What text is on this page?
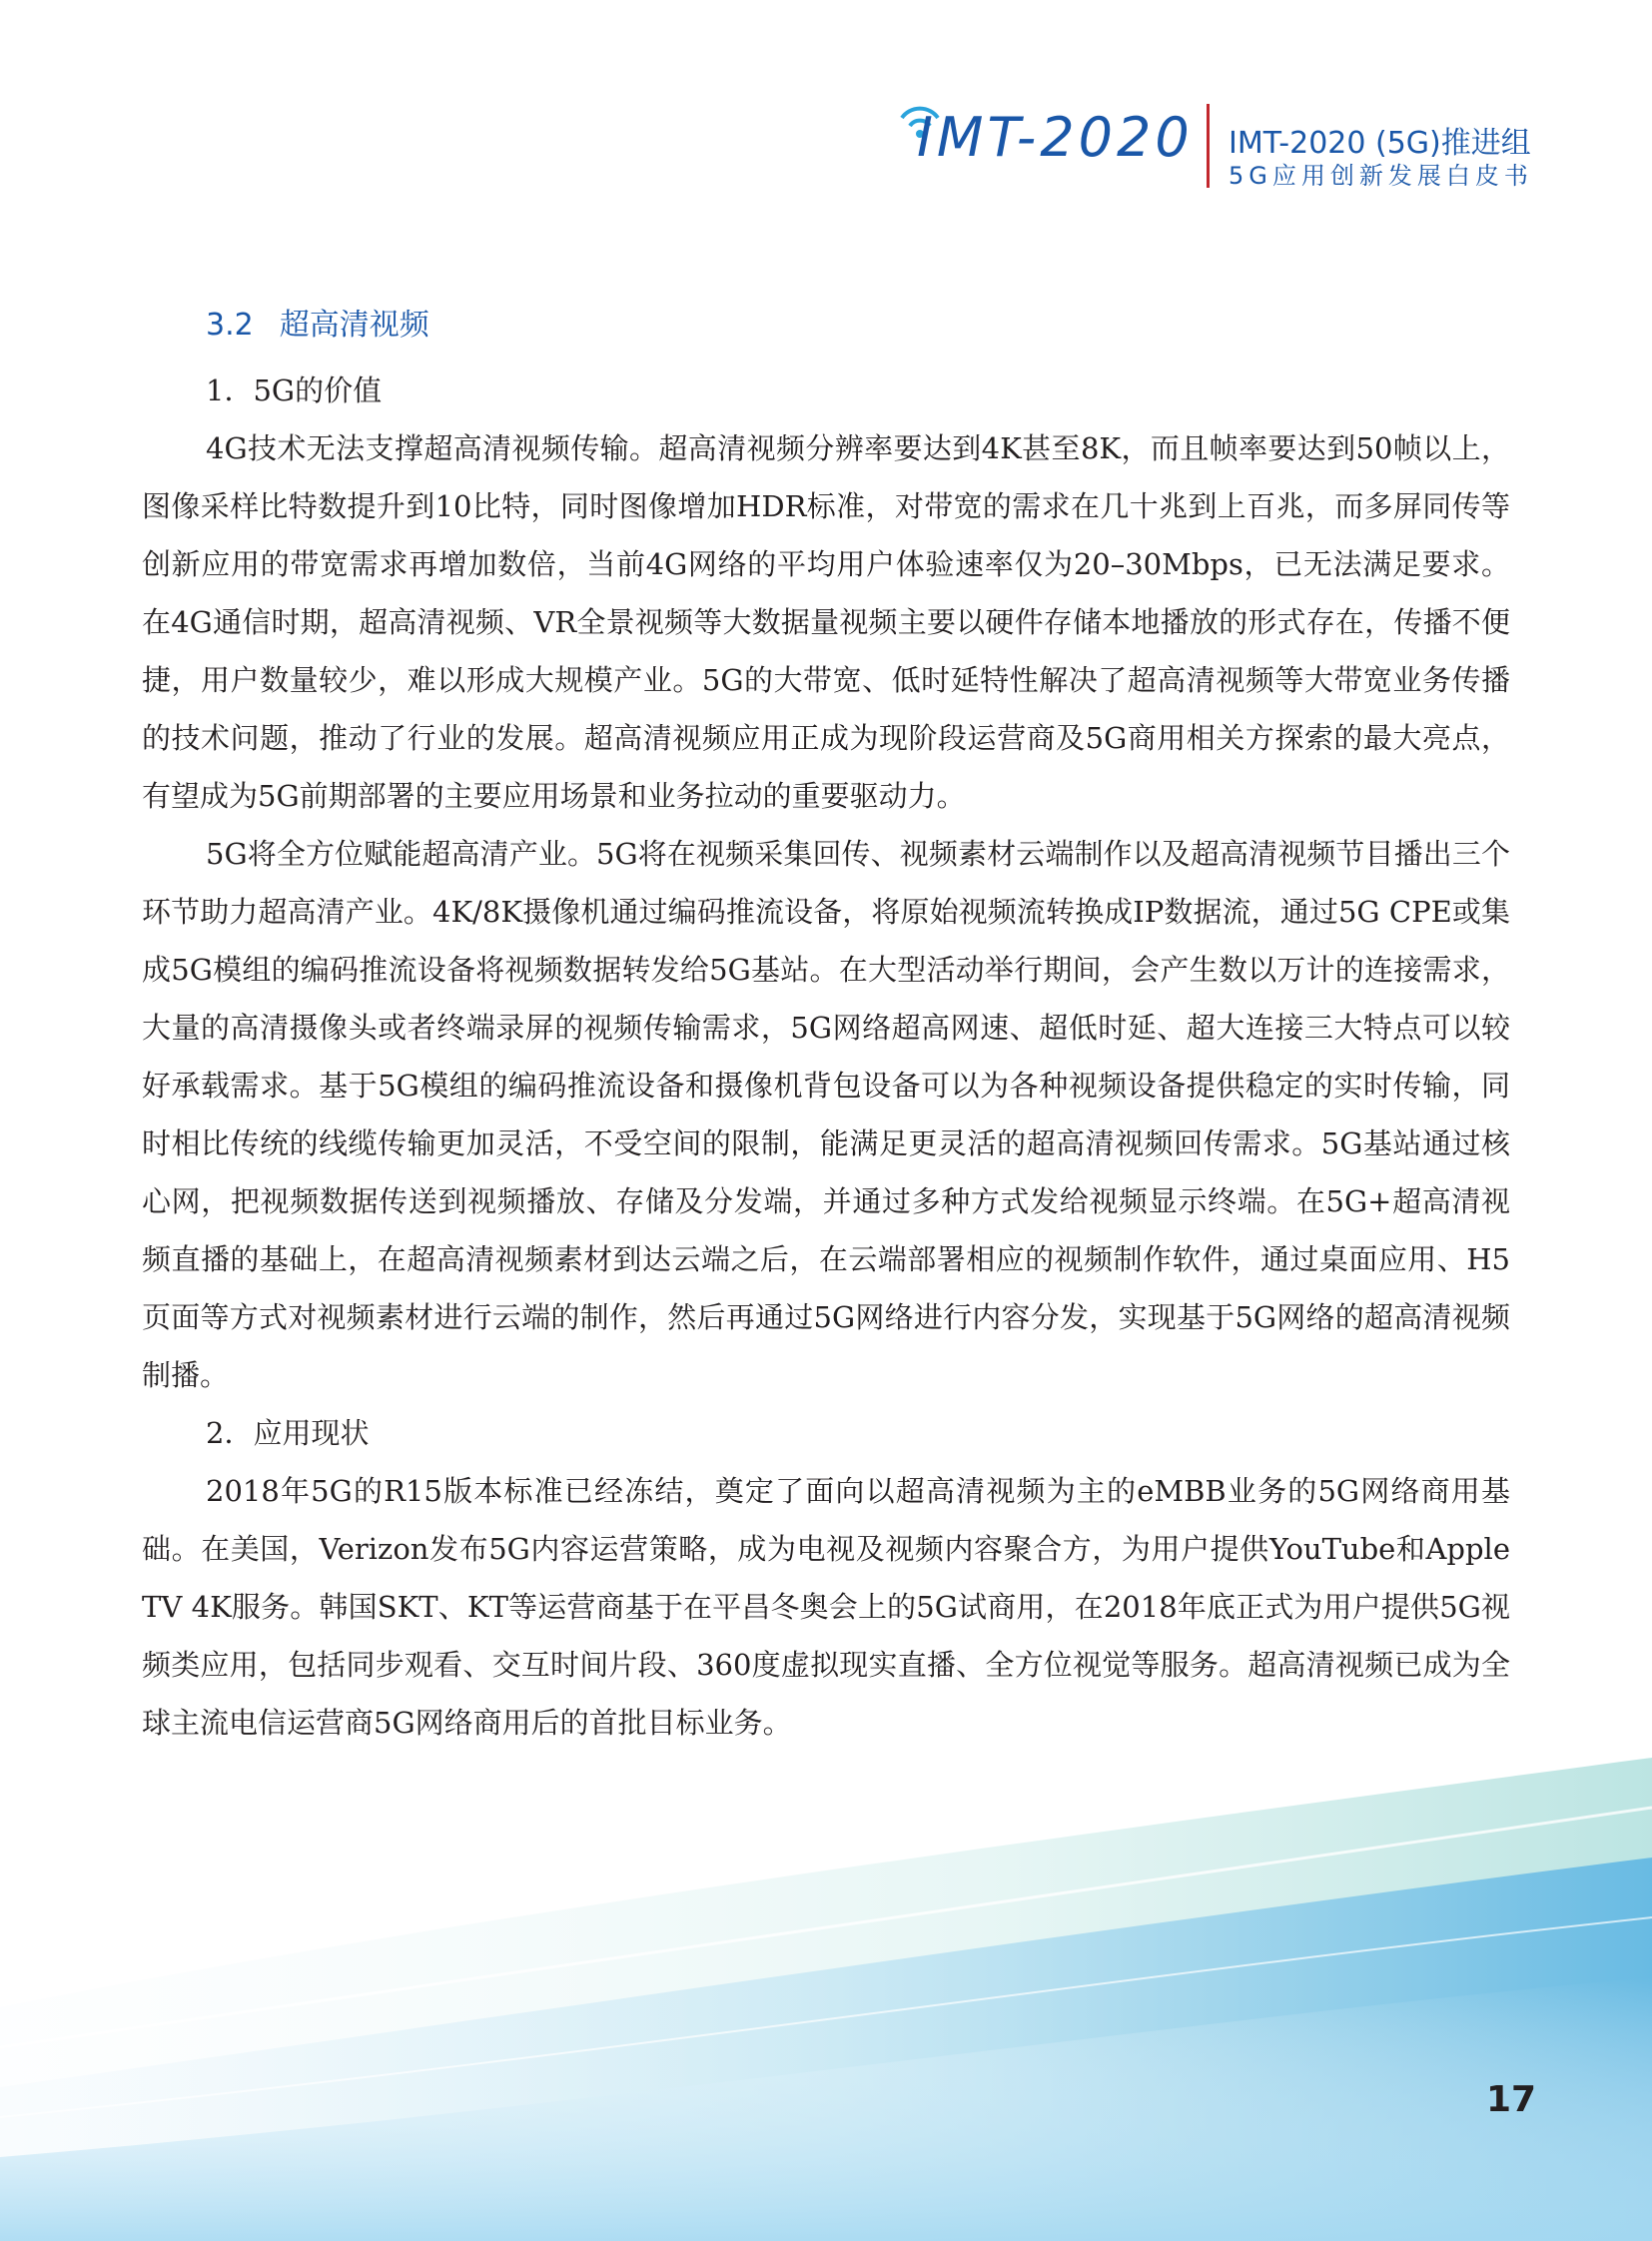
IMT-2020 IMT-2020 (5G)推进组
5G应用创新发展白皮书
3.2 超高清视频
1．5G的价值

4G技术无法支撑超高清视频传输。超高清视频分辨率要达到4K甚至8K，而且帧率要达到50帧以上，图像采样比特数提升到10比特，同时图像增加HDR标准，对带宽的需求在几十兆到上百兆，而多屏同传等创新应用的带宽需求再增加数倍，当前4G网络的平均用户体验速率仅为20–30Mbps，已无法满足要求。在4G通信时期，超高清视频、VR全景视频等大数据量视频主要以硬件存储本地播放的形式存在，传播不便捷，用户数量较少，难以形成大规模产业。5G的大带宽、低时延特性解决了超高清视频等大带宽业务传播的技术问题，推动了行业的发展。超高清视频应用正成为现阶段运营商及5G商用相关方探索的最大亮点，有望成为5G前期部署的主要应用场景和业务拉动的重要驱动力。

5G将全方位赋能超高清产业。5G将在视频采集回传、视频素材云端制作以及超高清视频节目播出三个环节助力超高清产业。4K/8K摄像机通过编码推流设备，将原始视频流转换成IP数据流，通过5G CPE或集成5G模组的编码推流设备将视频数据转发给5G基站。在大型活动举行期间，会产生数以万计的连接需求，大量的高清摄像头或者终端录屏的视频传输需求，5G网络超高网速、超低时延、超大连接三大特点可以较好承载需求。基于5G模组的编码推流设备和摄像机背包设备可以为各种视频设备提供稳定的实时传输，同时相比传统的线缆传输更加灵活，不受空间的限制，能满足更灵活的超高清视频回传需求。5G基站通过核心网，把视频数据传送到视频播放、存储及分发端，并通过多种方式发给视频显示终端。在5G+超高清视频直播的基础上，在超高清视频素材到达云端之后，在云端部署相应的视频制作软件，通过桌面应用、H5页面等方式对视频素材进行云端的制作，然后再通过5G网络进行内容分发，实现基于5G网络的超高清视频制播。

2．应用现状

2018年5G的R15版本标准已经冻结，奠定了面向以超高清视频为主的eMBB业务的5G网络商用基础。在美国，Verizon发布5G内容运营策略，成为电视及视频内容聚合方，为用户提供YouTube和Apple TV 4K服务。韩国SKT、KT等运营商基于在平昌冬奥会上的5G试商用，在2018年底正式为用户提供5G视频类应用，包括同步观看、交互时间片段、360度虚拟现实直播、全方位视觉等服务。超高清视频已成为全球主流电信运营商5G网络商用后的首批目标业务。

17
